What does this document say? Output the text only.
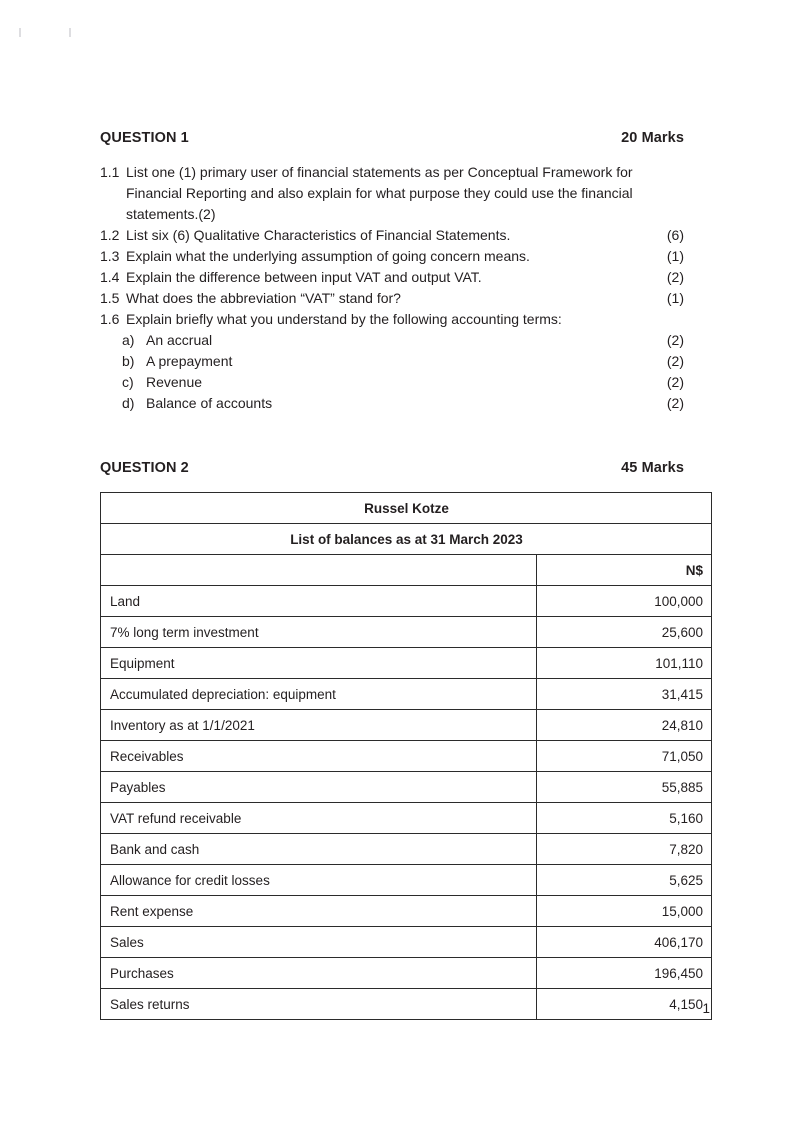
QUESTION 1	20 Marks
1.1 List one (1) primary user of financial statements as per Conceptual Framework for Financial Reporting and also explain for what purpose they could use the financial statements.(2)
1.2 List six (6) Qualitative Characteristics of Financial Statements.	(6)
1.3 Explain what the underlying assumption of going concern means.	(1)
1.4 Explain the difference between input VAT and output VAT.	(2)
1.5 What does the abbreviation “VAT” stand for?	(1)
1.6 Explain briefly what you understand by the following accounting terms:
a) An accrual	(2)
b) A prepayment	(2)
c) Revenue	(2)
d) Balance of accounts	(2)
QUESTION 2	45 Marks
Russel Kotze	
List of balances as at 31 March 2023	
	N$
Land	100,000
7% long term investment	25,600
Equipment	101,110
Accumulated depreciation: equipment	31,415
Inventory as at 1/1/2021	24,810
Receivables	71,050
Payables	55,885
VAT refund receivable	5,160
Bank and cash	7,820
Allowance for credit losses	5,625
Rent expense	15,000
Sales	406,170
Purchases	196,450
Sales returns	4,150 1
